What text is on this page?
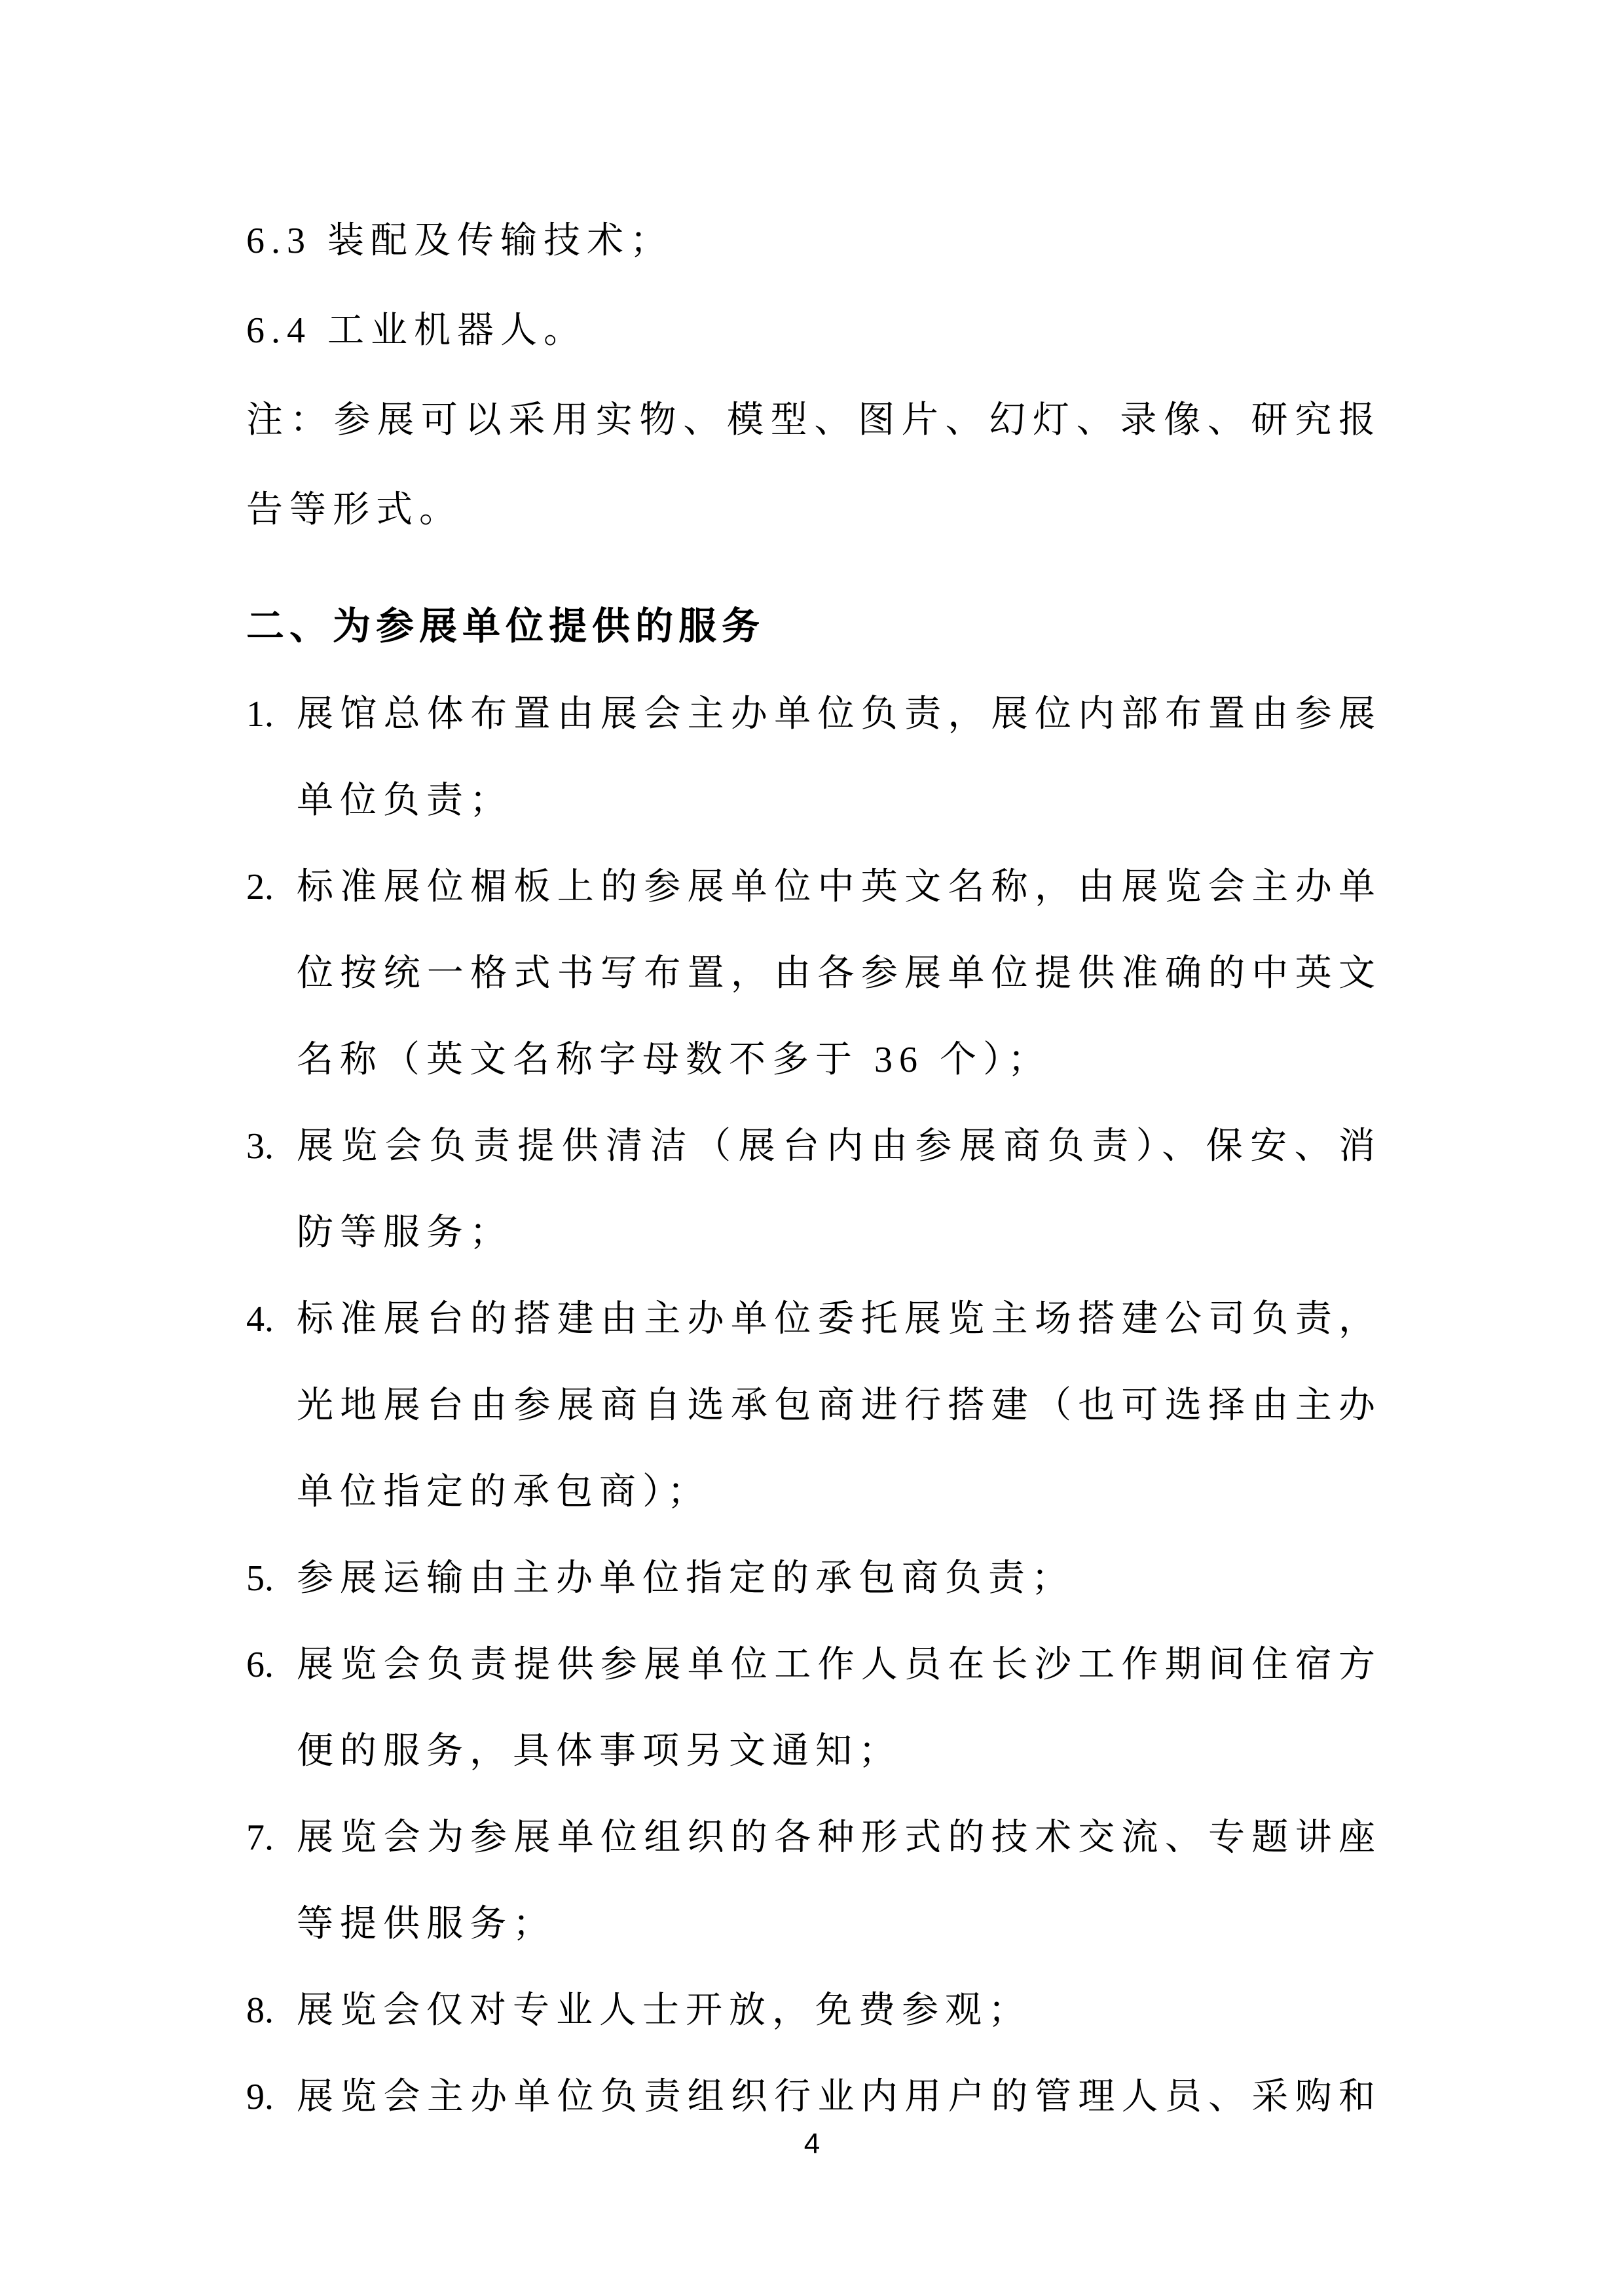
6.3 装配及传输技术；
6.4 工业机器人。
注：参展可以采用实物、模型、图片、幻灯、录像、研究报
告等形式。
二、为参展单位提供的服务
1. 展馆总体布置由展会主办单位负责，展位内部布置由参展
单位负责；
2. 标准展位楣板上的参展单位中英文名称，由展览会主办单
位按统一格式书写布置，由各参展单位提供准确的中英文
名称（英文名称字母数不多于 36 个）；
3. 展览会负责提供清洁（展台内由参展商负责）、保安、消
防等服务；
4. 标准展台的搭建由主办单位委托展览主场搭建公司负责，
光地展台由参展商自选承包商进行搭建（也可选择由主办
单位指定的承包商）；
5. 参展运输由主办单位指定的承包商负责；
6. 展览会负责提供参展单位工作人员在长沙工作期间住宿方
便的服务，具体事项另文通知；
7. 展览会为参展单位组织的各种形式的技术交流、专题讲座
等提供服务；
8. 展览会仅对专业人士开放，免费参观；
9. 展览会主办单位负责组织行业内用户的管理人员、采购和
4
